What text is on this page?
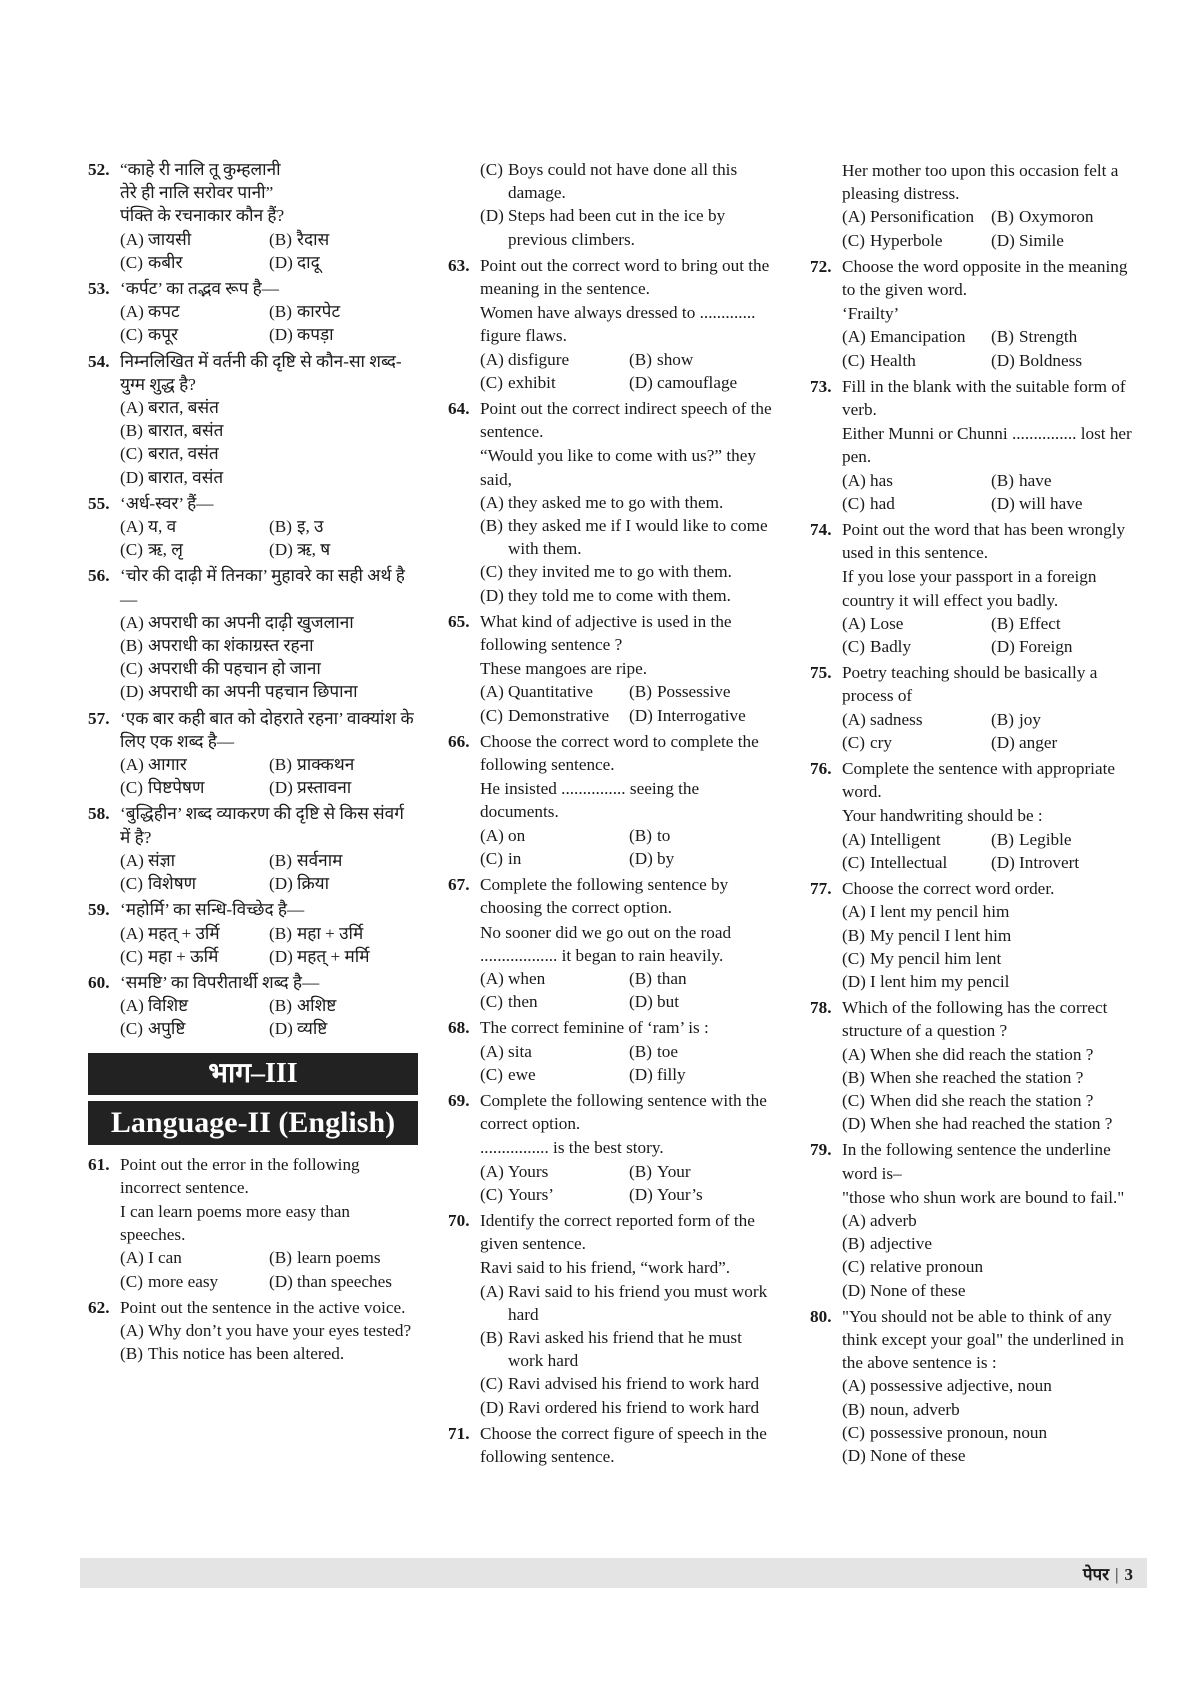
52. “काहे री नालि तू कुम्हलानी
तेरे ही नालि सरोवर पानी”
पंक्ति के रचनाकार कौन हैं?
(A) जायसी	(B) रैदास
(C) कबीर	(D) दादू
53. ‘कर्पट’ का तद्भव रूप है—
(A) कपट	(B) कारपेट
(C) कपूर	(D) कपड़ा
54. निम्नलिखित में वर्तनी की दृष्टि से कौन-सा शब्द-युग्म शुद्ध है?
(A) बरात, बसंत
(B) बारात, बसंत
(C) बरात, वसंत
(D) बारात, वसंत
55. ‘अर्ध-स्वर’ हैं—
(A) य, व	(B) इ, उ
(C) ऋ, लृ	(D) ऋ, ष
56. ‘चोर की दाढ़ी में तिनका’ मुहावरे का सही अर्थ है—
(A) अपराधी का अपनी दाढ़ी खुजलाना
(B) अपराधी का शंकाग्रस्त रहना
(C) अपराधी की पहचान हो जाना
(D) अपराधी का अपनी पहचान छिपाना
57. ‘एक बार कही बात को दोहराते रहना’ वाक्यांश के लिए एक शब्द है—
(A) आगार	(B) प्राक्कथन
(C) पिष्टपेषण	(D) प्रस्तावना
58. ‘बुद्धिहीन’ शब्द व्याकरण की दृष्टि से किस संवर्ग में है?
(A) संज्ञा	(B) सर्वनाम
(C) विशेषण	(D) क्रिया
59. ‘महोर्मि’ का सन्धि-विच्छेद है—
(A) महत् + उर्मि	(B) महा + उर्मि
(C) महा + ऊर्मि	(D) महत् + मर्मि
60. ‘समष्टि’ का विपरीतार्थी शब्द है—
(A) विशिष्ट	(B) अशिष्ट
(C) अपुष्टि	(D) व्यष्टि
भाग–III
Language-II (English)
61. Point out the error in the following incorrect sentence.
I can learn poems more easy than speeches.
(A) I can	(B) learn poems
(C) more easy	(D) than speeches
62. Point out the sentence in the active voice.
(A) Why don’t you have your eyes tested?
(B) This notice has been altered.
(C) Boys could not have done all this damage.
(D) Steps had been cut in the ice by previous climbers.
63. Point out the correct word to bring out the meaning in the sentence.
Women have always dressed to ............. figure flaws.
(A) disfigure	(B) show
(C) exhibit	(D) camouflage
64. Point out the correct indirect speech of the sentence.
“Would you like to come with us?” they said,
(A) they asked me to go with them.
(B) they asked me if I would like to come with them.
(C) they invited me to go with them.
(D) they told me to come with them.
65. What kind of adjective is used in the following sentence ?
These mangoes are ripe.
(A) Quantitative	(B) Possessive
(C) Demonstrative	(D) Interrogative
66. Choose the correct word to complete the following sentence.
He insisted ............... seeing the documents.
(A) on	(B) to
(C) in	(D) by
67. Complete the following sentence by choosing the correct option.
No sooner did we go out on the road .................. it began to rain heavily.
(A) when	(B) than
(C) then	(D) but
68. The correct feminine of ‘ram’ is :
(A) sita	(B) toe
(C) ewe	(D) filly
69. Complete the following sentence with the correct option.
................ is the best story.
(A) Yours	(B) Your
(C) Yours’	(D) Your’s
70. Identify the correct reported form of the given sentence.
Ravi said to his friend, “work hard”.
(A) Ravi said to his friend you must work hard
(B) Ravi asked his friend that he must work hard
(C) Ravi advised his friend to work hard
(D) Ravi ordered his friend to work hard
71. Choose the correct figure of speech in the following sentence.
Her mother too upon this occasion felt a pleasing distress.
(A) Personification (B) Oxymoron
(C) Hyperbole	(D) Simile
72. Choose the word opposite in the meaning to the given word.
‘Frailty’
(A) Emancipation	(B) Strength
(C) Health	(D) Boldness
73. Fill in the blank with the suitable form of verb.
Either Munni or Chunni ............... lost her pen.
(A) has	(B) have
(C) had	(D) will have
74. Point out the word that has been wrongly used in this sentence.
If you lose your passport in a foreign country it will effect you badly.
(A) Lose	(B) Effect
(C) Badly	(D) Foreign
75. Poetry teaching should be basically a process of
(A) sadness	(B) joy
(C) cry	(D) anger
76. Complete the sentence with appropriate word.
Your handwriting should be :
(A) Intelligent	(B) Legible
(C) Intellectual	(D) Introvert
77. Choose the correct word order.
(A) I lent my pencil him
(B) My pencil I lent him
(C) My pencil him lent
(D) I lent him my pencil
78. Which of the following has the correct structure of a question ?
(A) When she did reach the station ?
(B) When she reached the station ?
(C) When did she reach the station ?
(D) When she had reached the station ?
79. In the following sentence the underline word is–
"those who shun work are bound to fail."
(A) adverb
(B) adjective
(C) relative pronoun
(D) None of these
80. "You should not be able to think of any think except your goal" the underlined in the above sentence is :
(A) possessive adjective, noun
(B) noun, adverb
(C) possessive pronoun, noun
(D) None of these
पेपर | 3
